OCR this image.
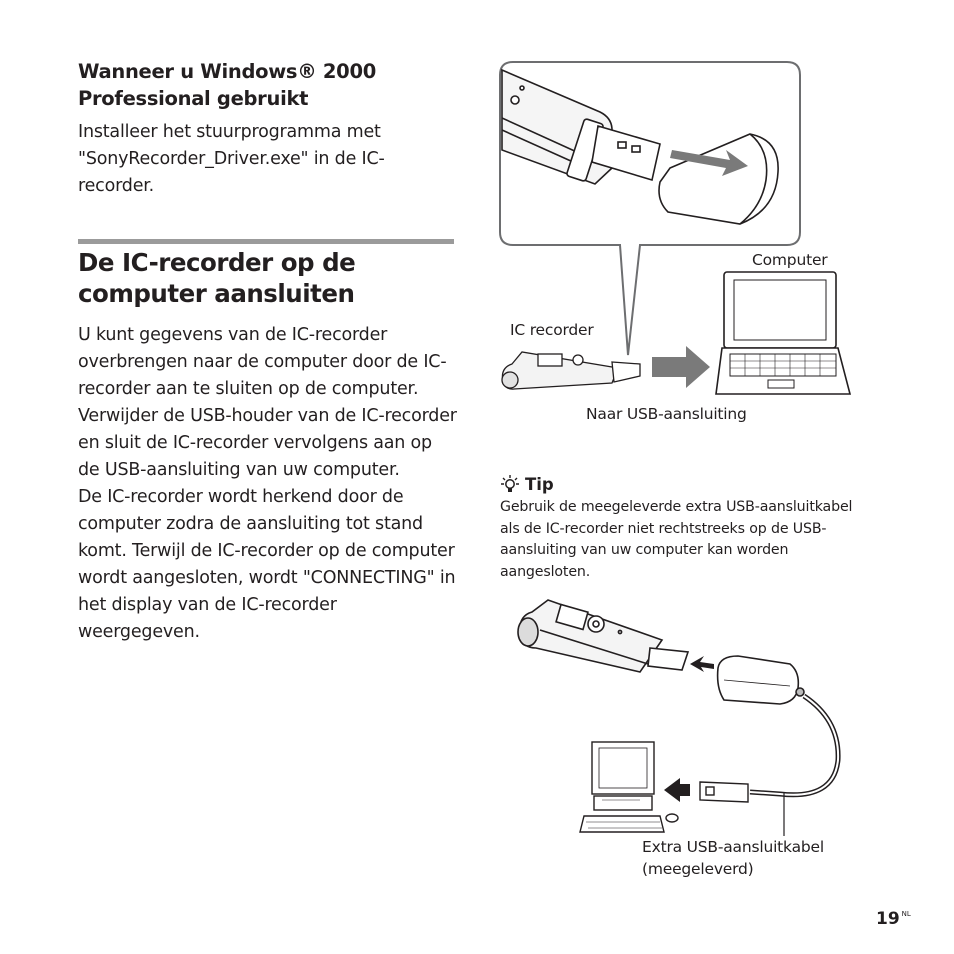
Wanneer u Windows® 2000 Professional gebruikt
Installeer het stuurprogramma met "SonyRecorder_Driver.exe" in de IC-recorder.
De IC-recorder op de computer aansluiten
U kunt gegevens van de IC-recorder overbrengen naar de computer door de IC-recorder aan te sluiten op de computer.
Verwijder de USB-houder van de IC-recorder en sluit de IC-recorder vervolgens aan op de USB-aansluiting van uw computer.
De IC-recorder wordt herkend door de computer zodra de aansluiting tot stand komt. Terwijl de IC-recorder op de computer wordt aangesloten, wordt "CONNECTING" in het display van de IC-recorder weergegeven.
Computer
IC recorder
Naar USB-aansluiting
Tip
Gebruik de meegeleverde extra USB-aansluitkabel als de IC-recorder niet rechtstreeks op de USB-aansluiting van uw computer kan worden aangesloten.
Extra USB-aansluitkabel
(meegeleverd)
19 $^{NL}$
